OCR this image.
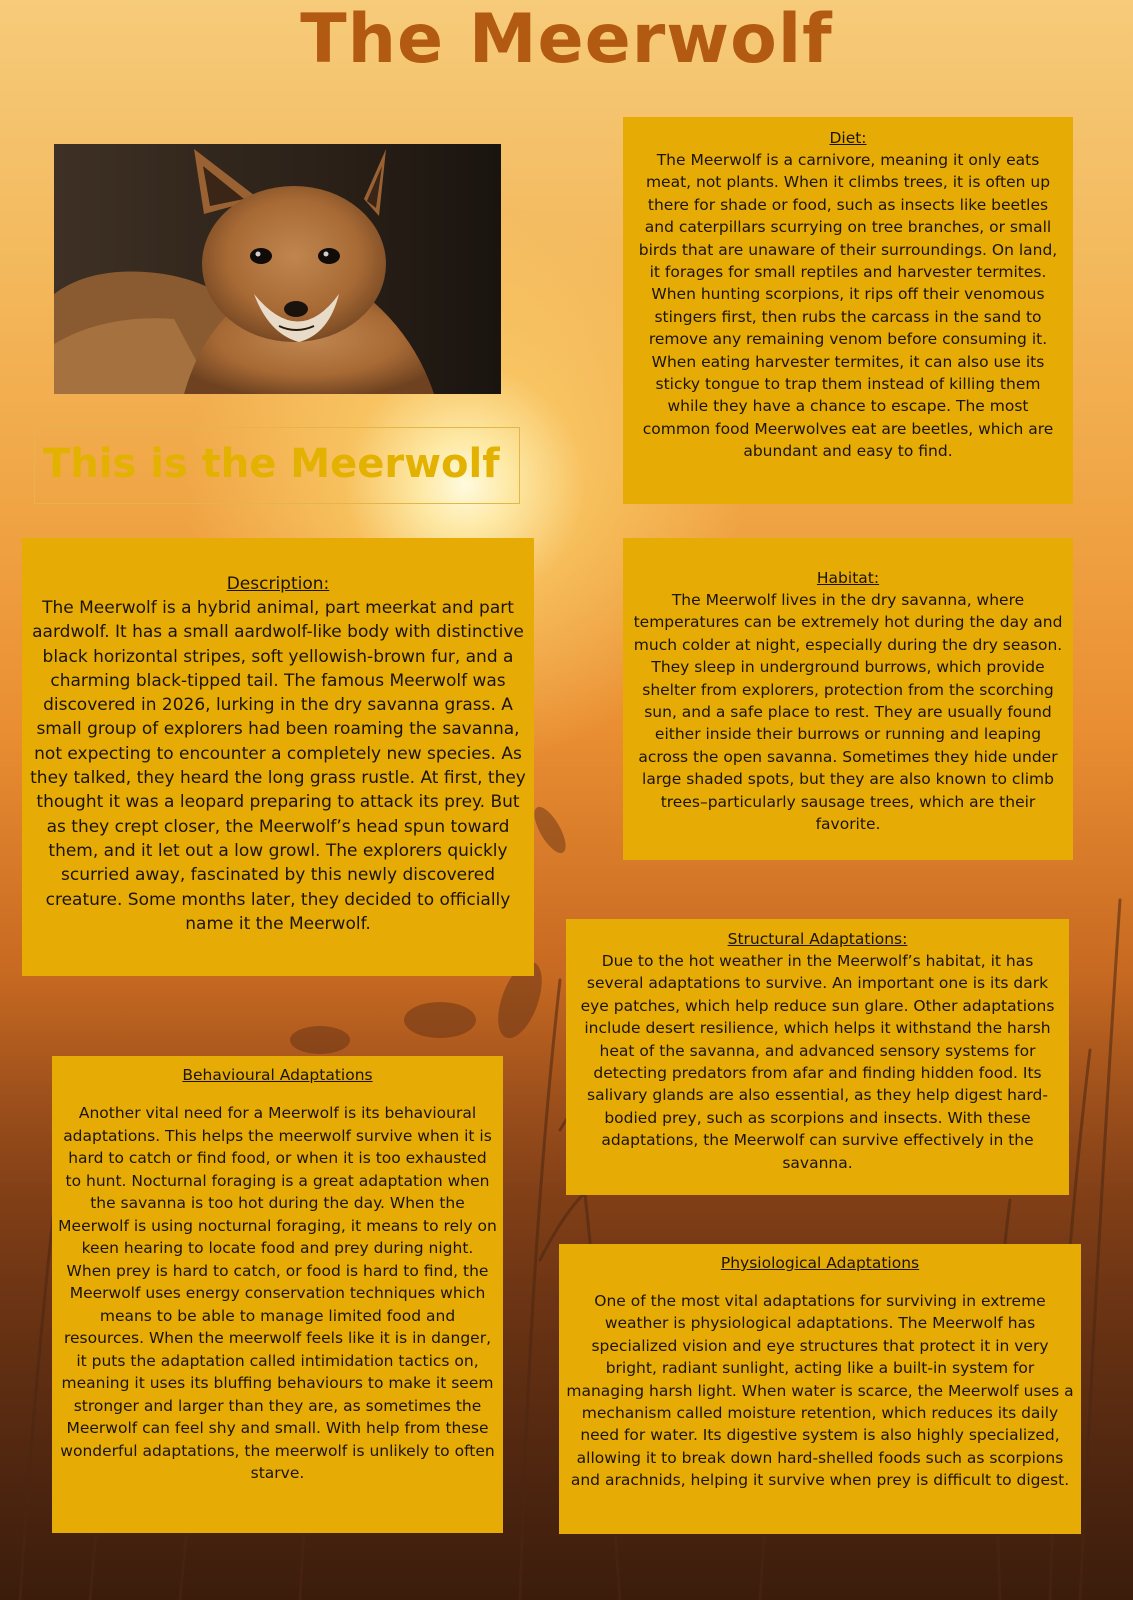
The Meerwolf
This is the Meerwolf
Diet:

The Meerwolf is a carnivore, meaning it only eats meat, not plants. When it climbs trees, it is often up there for shade or food, such as insects like beetles and caterpillars scurrying on tree branches, or small birds that are unaware of their surroundings. On land, it forages for small reptiles and harvester termites. When hunting scorpions, it rips off their venomous stingers first, then rubs the carcass in the sand to remove any remaining venom before consuming it. When eating harvester termites, it can also use its sticky tongue to trap them instead of killing them while they have a chance to escape. The most common food Meerwolves eat are beetles, which are abundant and easy to find.

Description:

The Meerwolf is a hybrid animal, part meerkat and part aardwolf. It has a small aardwolf-like body with distinctive black horizontal stripes, soft yellowish-brown fur, and a charming black-tipped tail. The famous Meerwolf was discovered in 2026, lurking in the dry savanna grass. A small group of explorers had been roaming the savanna, not expecting to encounter a completely new species. As they talked, they heard the long grass rustle. At first, they thought it was a leopard preparing to attack its prey. But as they crept closer, the Meerwolf’s head spun toward them, and it let out a low growl. The explorers quickly scurried away, fascinated by this newly discovered creature. Some months later, they decided to officially name it the Meerwolf.

Habitat:

The Meerwolf lives in the dry savanna, where temperatures can be extremely hot during the day and much colder at night, especially during the dry season. They sleep in underground burrows, which provide shelter from explorers, protection from the scorching sun, and a safe place to rest. They are usually found either inside their burrows or running and leaping across the open savanna. Sometimes they hide under large shaded spots, but they are also known to climb trees–particularly sausage trees, which are their favorite.

Structural Adaptations:

Due to the hot weather in the Meerwolf’s habitat, it has several adaptations to survive. An important one is its dark eye patches, which help reduce sun glare. Other adaptations include desert resilience, which helps it withstand the harsh heat of the savanna, and advanced sensory systems for detecting predators from afar and finding hidden food. Its salivary glands are also essential, as they help digest hard-bodied prey, such as scorpions and insects. With these adaptations, the Meerwolf can survive effectively in the savanna.

Behavioural Adaptations

Another vital need for a Meerwolf is its behavioural adaptations. This helps the meerwolf survive when it is hard to catch or find food, or when it is too exhausted to hunt. Nocturnal foraging is a great adaptation when the savanna is too hot during the day. When the Meerwolf is using nocturnal foraging, it means to rely on keen hearing to locate food and prey during night. When prey is hard to catch, or food is hard to find, the Meerwolf uses energy conservation techniques which means to be able to manage limited food and resources. When the meerwolf feels like it is in danger, it puts the adaptation called intimidation tactics on, meaning it uses its bluffing behaviours to make it seem stronger and larger than they are, as sometimes the Meerwolf can feel shy and small. With help from these wonderful adaptations, the meerwolf is unlikely to often starve.

Physiological Adaptations

One of the most vital adaptations for surviving in extreme weather is physiological adaptations. The Meerwolf has specialized vision and eye structures that protect it in very bright, radiant sunlight, acting like a built-in system for managing harsh light. When water is scarce, the Meerwolf uses a mechanism called moisture retention, which reduces its daily need for water. Its digestive system is also highly specialized, allowing it to break down hard-shelled foods such as scorpions and arachnids, helping it survive when prey is difficult to digest.
